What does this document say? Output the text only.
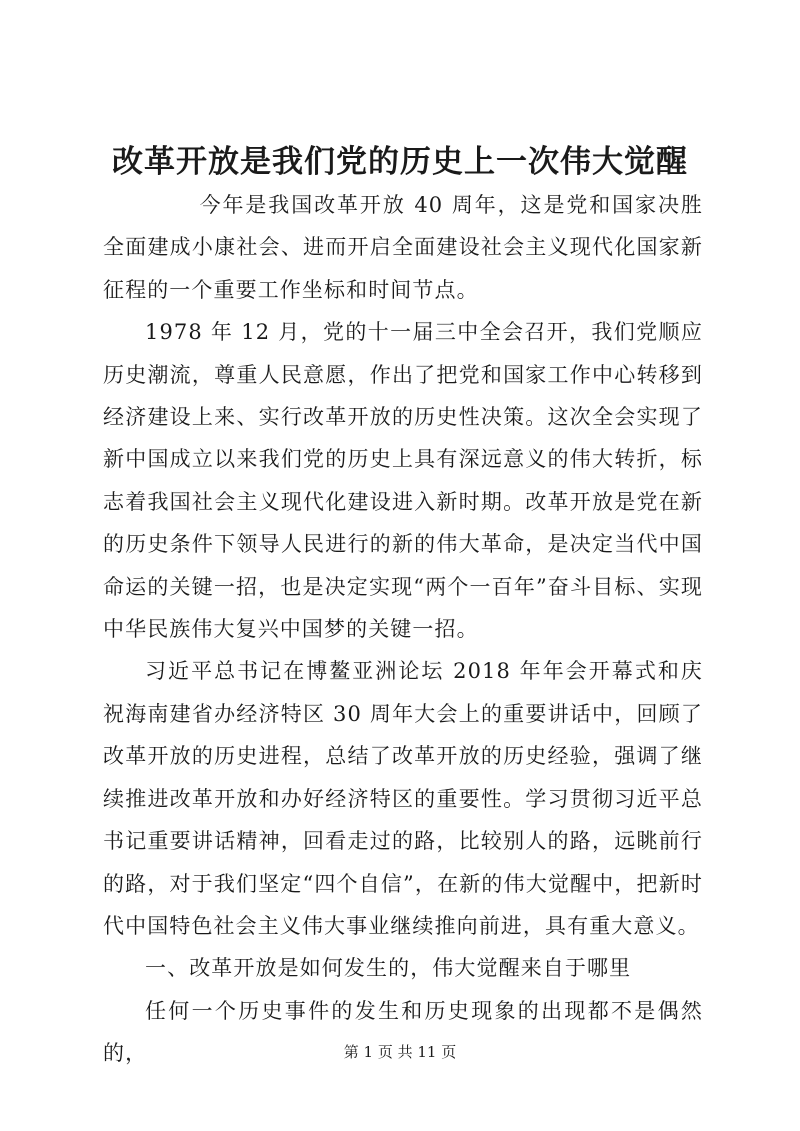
改革开放是我们党的历史上一次伟大觉醒

今年是我国改革开放 40 周年，这是党和国家决胜全面建成小康社会、进而开启全面建设社会主义现代化国家新征程的一个重要工作坐标和时间节点。

1978 年 12 月，党的十一届三中全会召开，我们党顺应历史潮流，尊重人民意愿，作出了把党和国家工作中心转移到经济建设上来、实行改革开放的历史性决策。这次全会实现了新中国成立以来我们党的历史上具有深远意义的伟大转折，标志着我国社会主义现代化建设进入新时期。改革开放是党在新的历史条件下领导人民进行的新的伟大革命，是决定当代中国命运的关键一招，也是决定实现“两个一百年”奋斗目标、实现中华民族伟大复兴中国梦的关键一招。

习近平总书记在博鳌亚洲论坛 2018 年年会开幕式和庆祝海南建省办经济特区 30 周年大会上的重要讲话中，回顾了改革开放的历史进程，总结了改革开放的历史经验，强调了继续推进改革开放和办好经济特区的重要性。学习贯彻习近平总书记重要讲话精神，回看走过的路，比较别人的路，远眺前行的路，对于我们坚定“四个自信”，在新的伟大觉醒中，把新时代中国特色社会主义伟大事业继续推向前进，具有重大意义。

一、改革开放是如何发生的，伟大觉醒来自于哪里

任何一个历史事件的发生和历史现象的出现都不是偶然的，	第 1 页 共 11 页
